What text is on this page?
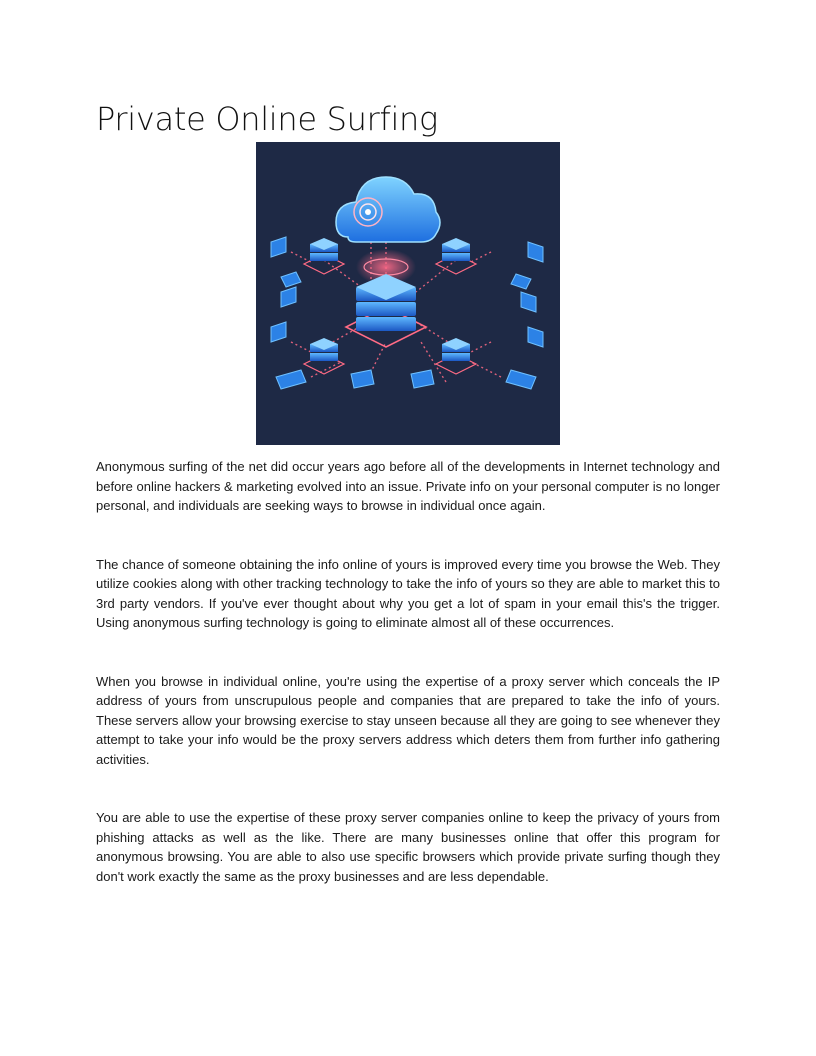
Private Online Surfing

Anonymous surfing of the net did occur years ago before all of the developments in Internet technology and before online hackers & marketing evolved into an issue. Private info on your personal computer is no longer personal, and individuals are seeking ways to browse in individual once again.

The chance of someone obtaining the info online of yours is improved every time you browse the Web. They utilize cookies along with other tracking technology to take the info of yours so they are able to market this to 3rd party vendors. If you've ever thought about why you get a lot of spam in your email this's the trigger. Using anonymous surfing technology is going to eliminate almost all of these occurrences.

When you browse in individual online, you're using the expertise of a proxy server which conceals the IP address of yours from unscrupulous people and companies that are prepared to take the info of yours. These servers allow your browsing exercise to stay unseen because all they are going to see whenever they attempt to take your info would be the proxy servers address which deters them from further info gathering activities.

You are able to use the expertise of these proxy server companies online to keep the privacy of yours from phishing attacks as well as the like. There are many businesses online that offer this program for anonymous browsing. You are able to also use specific browsers which provide private surfing though they don't work exactly the same as the proxy businesses and are less dependable.
